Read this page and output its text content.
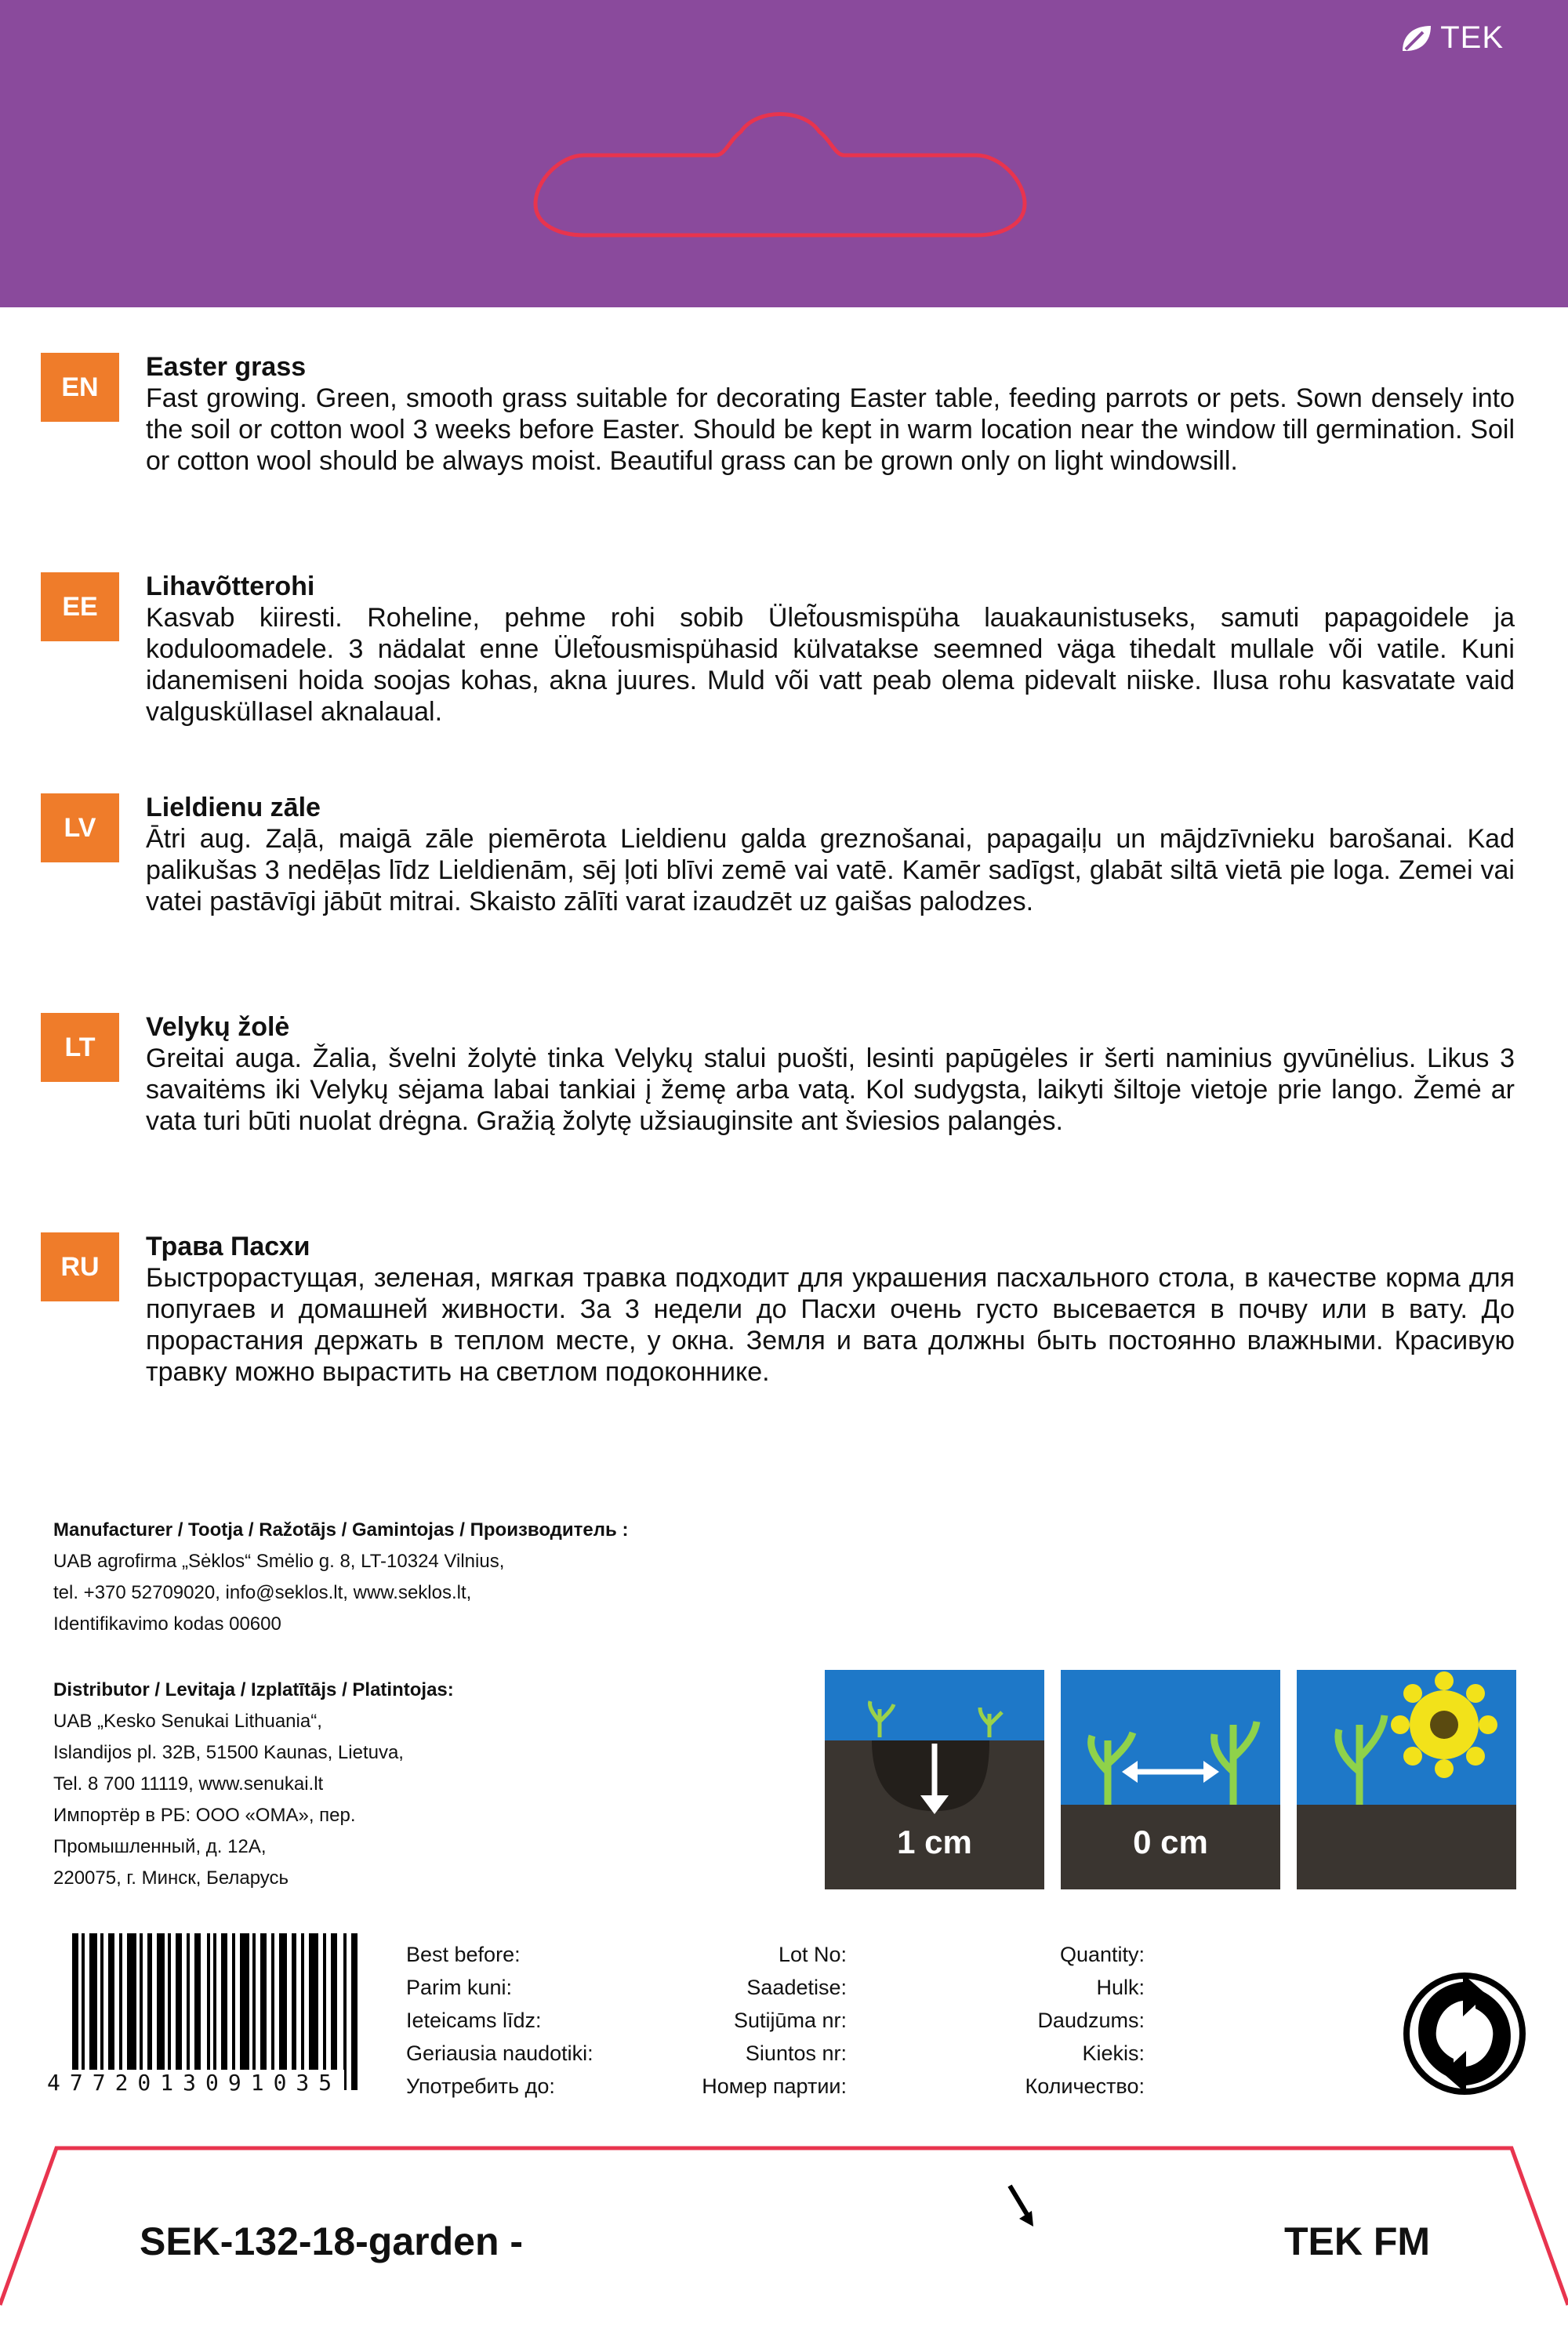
TEK
EN
Easter grass
Fast growing. Green, smooth grass suitable for decorating Easter table, feeding parrots or pets. Sown densely into the soil or cotton wool 3 weeks before Easter. Should be kept in warm location near the window till germination. Soil or cotton wool should be always moist. Beautiful grass can be grown only on light windowsill.
EE
Lihavõtterohi
Kasvab kiiresti. Roheline, pehme rohi sobib Ület̃ousmispüha lauakaunistuseks, samuti papagoidele ja koduloomadele. 3 nädalat enne Ület̃ousmispühasid külvatakse seemned väga tihedalt mullale või vatile. Kuni idanemiseni hoida soojas kohas, akna juures. Muld või vatt peab olema pidevalt niiske. Ilusa rohu kasvatate vaid valguskülIasel aknalaual.
LV
Lieldienu zāle
Ātri aug. Zaļā, maigā zāle piemērota Lieldienu galda greznošanai, papagaiļu un mājdzīvnieku barošanai. Kad palikušas 3 nedēļas līdz Lieldienām, sēj ļoti blīvi zemē vai vatē. Kamēr sadīgst, glabāt siltā vietā pie loga. Zemei vai vatei pastāvīgi jābūt mitrai. Skaisto zālīti varat izaudzēt uz gaišas palodzes.
LT
Velykų žolė
Greitai auga. Žalia, švelni žolytė tinka Velykų stalui puošti, lesinti papūgėles ir šerti naminius gyvūnėlius. Likus 3 savaitėms iki Velykų sėjama labai tankiai į žemę arba vatą. Kol sudygsta, laikyti šiltoje vietoje prie lango. Žemė ar vata turi būti nuolat drėgna. Gražią žolytę užsiauginsite ant šviesios palangės.
RU
Трава Пасхи
Быстрорастущая, зеленая, мягкая травка подходит для украшения пасхального стола, в качестве корма для попугаев и домашней живности. За 3 недели до Пасхи очень густо высевается в почву или в вату. До прорастания держать в теплом месте, у окна. Земля и вата должны быть постоянно влажными. Красивую травку можно вырастить на светлом подоконнике.
Manufacturer / Tootja / Ražotājs / Gamintojas / Производитель :
UAB agrofirma „Sėklos“ Smėlio g. 8, LT-10324 Vilnius,
tel. +370 52709020, info@seklos.lt, www.seklos.lt,
Identifikavimo kodas 00600
Distributor / Levitaja / Izplatītājs / Platintojas:
UAB „Kesko Senukai Lithuania“,
Islandijos pl. 32B, 51500 Kaunas, Lietuva,
Tel. 8 700 11119, www.senukai.lt
Импортёр в РБ: ООО «ОМА», пер.
Промышленный, д. 12А,
220075, г. Минск, Беларусь
1 cm	0 cm
4772013091035
Best before:
Parim kuni:
Ieteicams līdz:
Geriausia naudotiki:
Употребить до:
Lot No:
Saadetise:
Sutijūma nr:
Siuntos nr:
Номер партии:
Quantity:
Hulk:
Daudzums:
Kiekis:
Количество:
SEK-132-18-garden -	TEK FM
